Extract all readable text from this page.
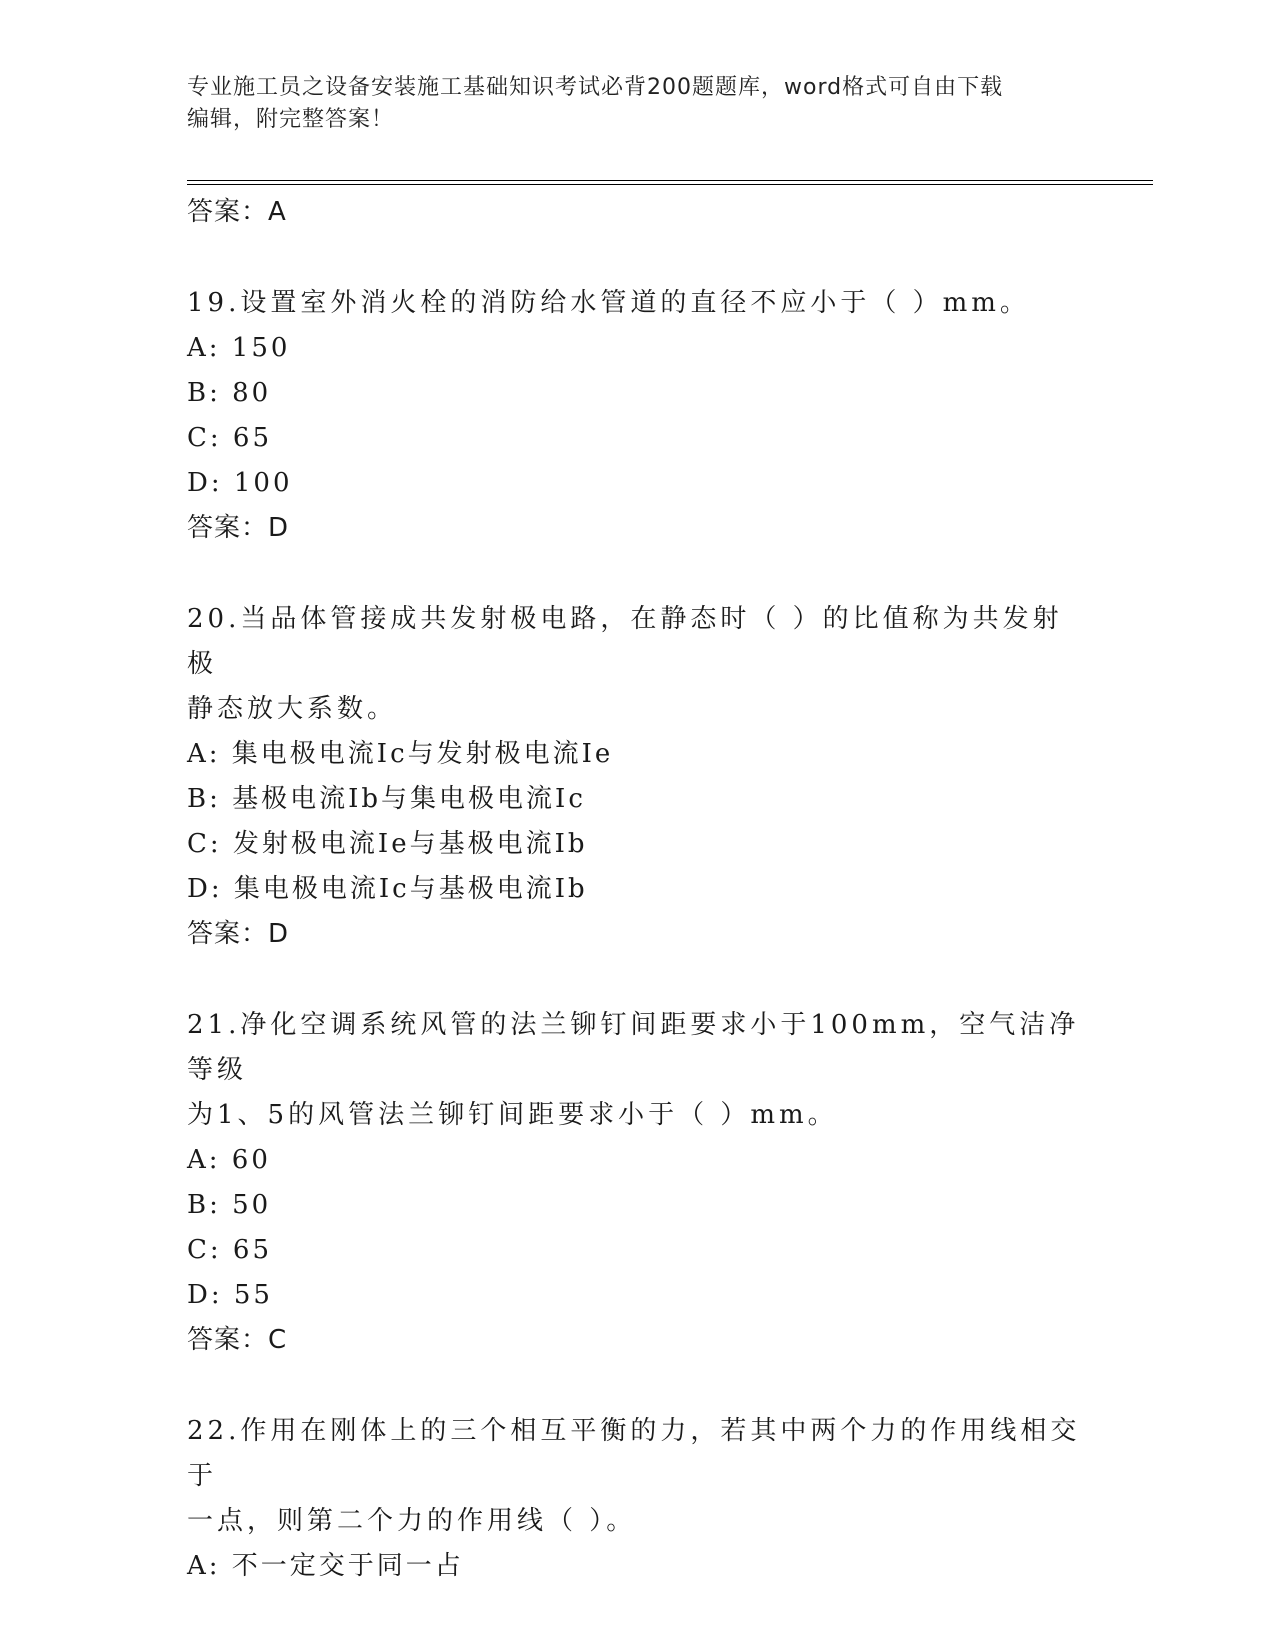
专业施工员之设备安装施工基础知识考试必背200题题库，word格式可自由下载
编辑，附完整答案！
答案：A
19.设置室外消火栓的消防给水管道的直径不应小于（ ）mm。
A: 150
B: 80
C: 65
D: 100
答案：D
20.当品体管接成共发射极电路，在静态时（ ）的比值称为共发射极
静态放大系数。
A: 集电极电流Ic与发射极电流Ie
B: 基极电流Ib与集电极电流Ic
C: 发射极电流Ie与基极电流Ib
D: 集电极电流Ic与基极电流Ib
答案：D
21.净化空调系统风管的法兰铆钉间距要求小于100mm，空气洁净等级
为1、5的风管法兰铆钉间距要求小于（ ）mm。
A: 60
B: 50
C: 65
D: 55
答案：C
22.作用在刚体上的三个相互平衡的力，若其中两个力的作用线相交于
一点，则第二个力的作用线（ ）。
A: 不一定交于同一占
